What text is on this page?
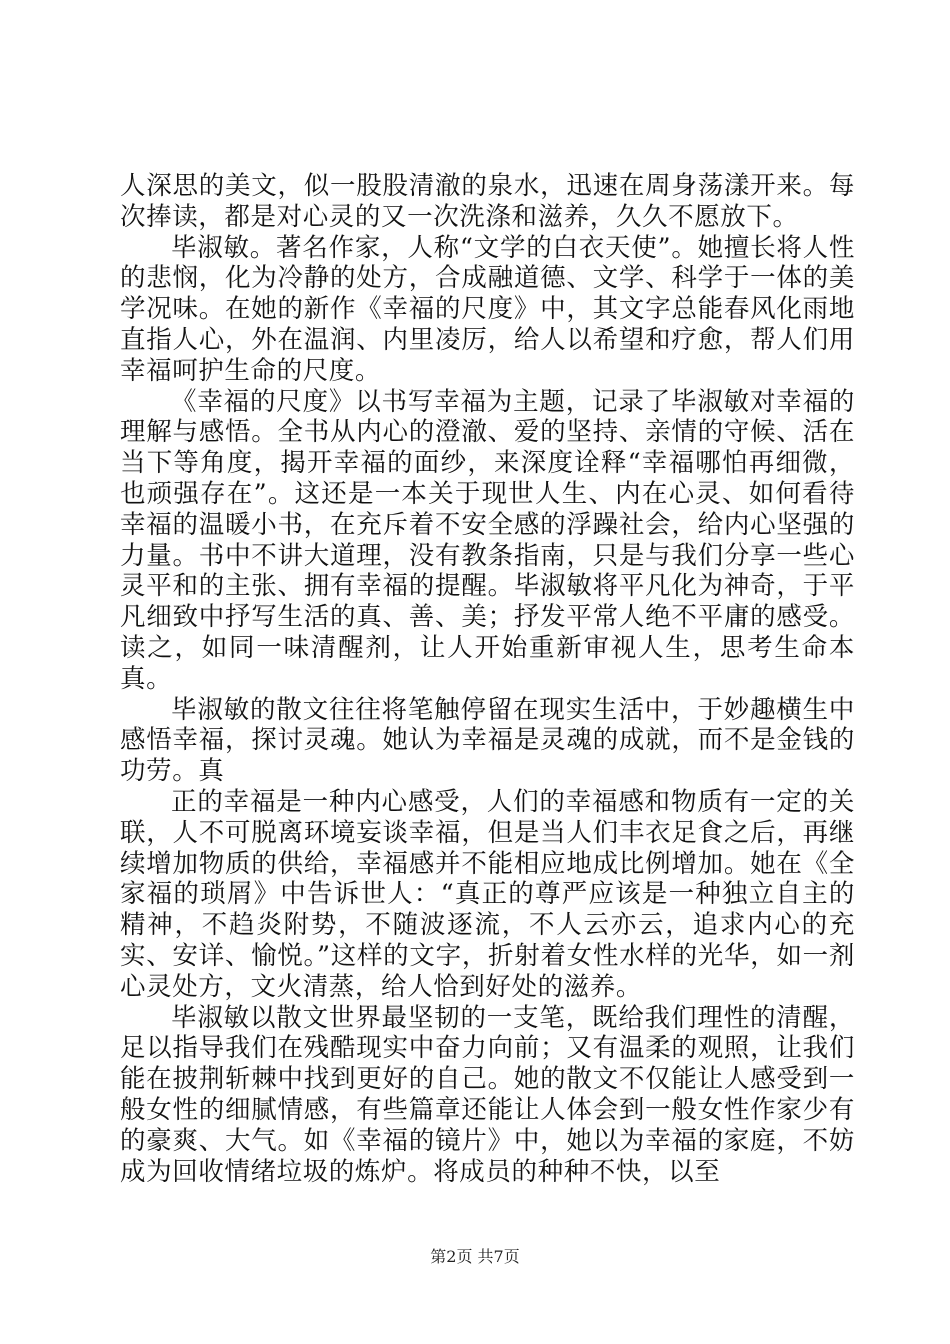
人深思的美文，似一股股清澈的泉水，迅速在周身荡漾开来。每次捧读，都是对心灵的又一次洗涤和滋养，久久不愿放下。

毕淑敏。著名作家，人称“文学的白衣天使”。她擅长将人性的悲悯，化为冷静的处方，合成融道德、文学、科学于一体的美学况味。在她的新作《幸福的尺度》中，其文字总能春风化雨地直指人心，外在温润、内里凌厉，给人以希望和疗愈，帮人们用幸福呵护生命的尺度。

《幸福的尺度》以书写幸福为主题，记录了毕淑敏对幸福的理解与感悟。全书从内心的澄澈、爱的坚持、亲情的守候、活在当下等角度，揭开幸福的面纱，来深度诠释“幸福哪怕再细微，也顽强存在”。这还是一本关于现世人生、内在心灵、如何看待幸福的温暖小书，在充斥着不安全感的浮躁社会，给内心坚强的力量。书中不讲大道理，没有教条指南，只是与我们分享一些心灵平和的主张、拥有幸福的提醒。毕淑敏将平凡化为神奇，于平凡细致中抒写生活的真、善、美；抒发平常人绝不平庸的感受。读之，如同一味清醒剂，让人开始重新审视人生，思考生命本真。

毕淑敏的散文往往将笔触停留在现实生活中，于妙趣横生中感悟幸福，探讨灵魂。她认为幸福是灵魂的成就，而不是金钱的功劳。真

正的幸福是一种内心感受，人们的幸福感和物质有一定的关联，人不可脱离环境妄谈幸福，但是当人们丰衣足食之后，再继续增加物质的供给，幸福感并不能相应地成比例增加。她在《全家福的琐屑》中告诉世人：“真正的尊严应该是一种独立自主的精神，不趋炎附势，不随波逐流，不人云亦云，追求内心的充实、安详、愉悦。”这样的文字，折射着女性水样的光华，如一剂心灵处方，文火清蒸，给人恰到好处的滋养。

毕淑敏以散文世界最坚韧的一支笔，既给我们理性的清醒，足以指导我们在残酷现实中奋力向前；又有温柔的观照，让我们能在披荆斩棘中找到更好的自己。她的散文不仅能让人感受到一般女性的细腻情感，有些篇章还能让人体会到一般女性作家少有的豪爽、大气。如《幸福的镜片》中，她以为幸福的家庭，不妨成为回收情绪垃圾的炼炉。将成员的种种不快，以至

第2页 共7页
